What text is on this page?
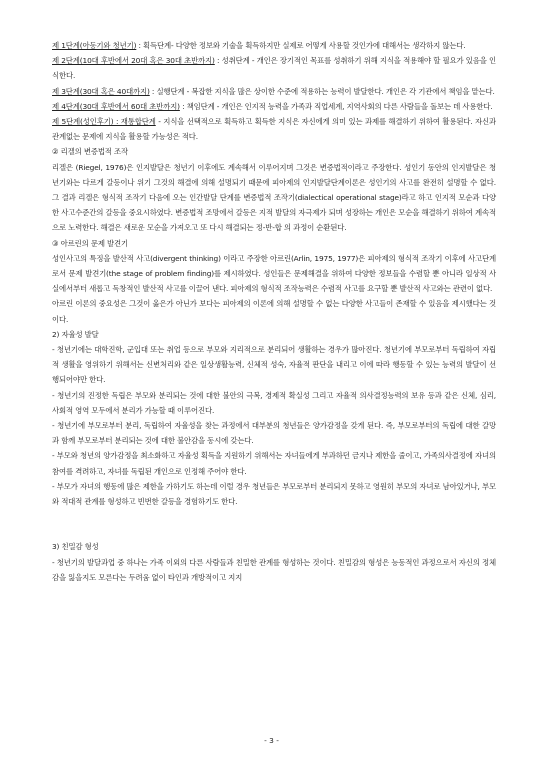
제 1단계(아동기와 청년기) : 획득단계- 다양한 정보와 기술을 획득하지만 실제로 어떻게 사용할 것인가에 대해서는 생각하지 않는다.

제 2단계(10대 후반에서 20대 혹은 30대 초반까지) : 성취단계 - 개인은 장기적인 목표를 성취하기 위해 지식을 적용해야 할 필요가 있음을 인식한다.

제 3단계(30대 혹은 40대까지) : 실행단계 - 복잡한 지식을 많은 상이한 수준에 적용하는 능력이 발달한다. 개인은 각 기관에서 책임을 맡는다.

제 4단계(30대 후반에서 60대 초반까지) : 책임단계 - 개인은 인지적 능력을 가족과 직업세계, 지역사회의 다른 사람들을 돌보는 데 사용한다.

제 5단계(성인후기) : 재통합단계 - 지식을 선택적으로 획득하고 획득한 지식은 자신에게 의미 있는 과제를 해결하기 위하여 활용된다. 자신과 관계없는 문제에 지식을 활용할 가능성은 적다.

② 리겔의 변증법적 조작

리겔은 (Riegel, 1976)은 인지발달은 청년기 이후에도 계속해서 이루어지며 그것은 변증법적이라고 주장한다. 성인기 동안의 인지발달은 청년기와는 다르게 갈등이나 위기 그것의 해결에 의해 설명되기 때문에 피아제의 인지발달단계이론은 성인기의 사고를 완전히 설명할 수 없다. 그 결과 리겔은 형식적 조작기 다음에 오는 인간발달 단계를 변증법적 조작기(dialectical operational stage)라고 하고 인지적 모순과 다양한 사고수준간의 갈등을 중요시하였다. 변증법적 조망에서 갈등은 지적 발달의 자극제가 되며 성장하는 개인은 모순을 해결하기 위하여 계속적으로 노력한다. 해결은 새로운 모순을 가져오고 또 다시 해결되는 정-반-합 의 과정이 순환된다.

③ 아르린의 문제 발견기

성인사고의 특징을 발산적 사고(divergent thinking) 이라고 주장한 아르린(Arlin, 1975, 1977)은 피아제의 형식적 조작기 이후에 사고단계로서 문제 발견기(the stage of problem finding)를 제시하였다. 성인들은 문제해결을 위하여 다양한 정보들을 수렴할 뿐 아니라 일상적 사실에서부터 새롭고 독창적인 발산적 사고를 이끌어 낸다. 피아제의 형식적 조작능력은 수렴적 사고를 요구할 뿐 발산적 사고와는 관련이 없다.

아르린 이론의 중요성은 그것이 옳은가 아닌가 보다는 피아제의 이론에 의해 설명할 수 없는 다양한 사고들이 존재할 수 있음을 제시했다는 것이다.

2) 자율성 발달

- 청년기에는 대학진학, 군입대 또는 취업 등으로 부모와 지리적으로 분리되어 생활하는 경우가 많아진다. 청년기에 부모로부터 독립하여 자립적 생활을 영위하기 위해서는 신변처리와 같은 일상생활능력, 신체적 성숙, 자율적 판단을 내리고 이에 따라 행동할 수 있는 능력의 발달이 선행되어야만 한다.

- 청년기의 진정한 독립은 부모와 분리되는 것에 대한 불안의 극복, 경제적 확실성 그리고 자율적 의사결정능력의 보유 등과 같은 신체, 심리, 사회적 영역 모두에서 분리가 가능할 때 이루어진다.

- 청년기에 부모로부터 분리, 독립하여 자율성을 찾는 과정에서 대부분의 청년들은 양가감정을 갖게 된다. 즉, 부모로부터의 독립에 대한 갈망과 함께 부모로부터 분리되는 것에 대한 불안감을 동시에 갖는다.

- 부모와 청년의 양가감정을 최소화하고 자율성 획득을 지원하기 위해서는 자녀들에게 부과하던 금지나 제한을 줄이고, 가족의사결정에 자녀의 참여를 격려하고, 자녀를 독립된 개인으로 인정해 주어야 한다.

- 부모가 자녀의 행동에 많은 제한을 가하기도 하는데 이럴 경우 청년들은 부모로부터 분리되지 못하고 영원히 부모의 자녀로 남아있거나, 부모와 적대적 관계를 형성하고 빈번한 갈등을 경험하기도 한다.

3) 친밀감 형성

- 청년기의 발달과업 중 하나는 가족 이외의 다른 사람들과 친밀한 관계를 형성하는 것이다. 친밀감의 형성은 능동적인 과정으로서 자신의 정체감을 잃을지도 모른다는 두려움 없이 타인과 개방적이고 지지

- 3 -
